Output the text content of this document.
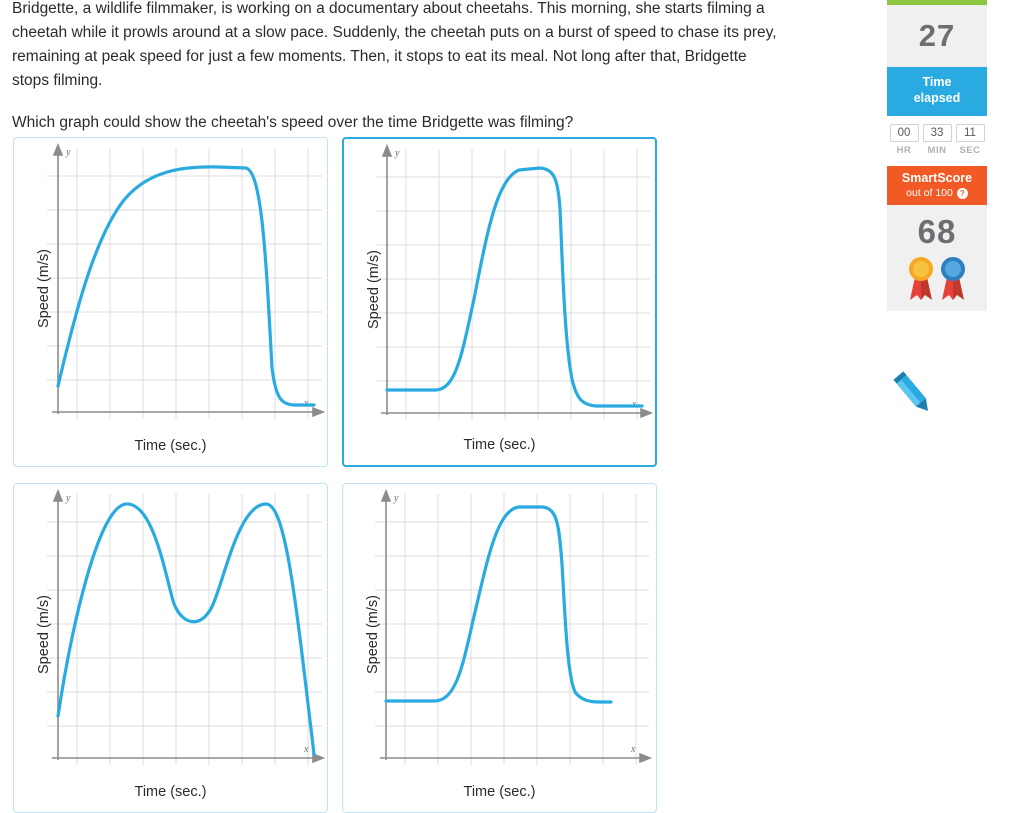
Bridgette, a wildlife filmmaker, is working on a documentary about cheetahs. This morning, she starts filming a cheetah while it prowls around at a slow pace. Suddenly, the cheetah puts on a burst of speed to chase its prey, remaining at peak speed for just a few moments. Then, it stops to eat its meal. Not long after that, Bridgette stops filming.
Which graph could show the cheetah's speed over the time Bridgette was filming?
y
x
Speed (m/s)
Time (sec.)
y
x
Speed (m/s)
Time (sec.)
y
x
Speed (m/s)
Time (sec.)
y
x
Speed (m/s)
Time (sec.)
27
Time
elapsed
00
HR
33
MIN
11
SEC
SmartScore
out of 100 ?
68
